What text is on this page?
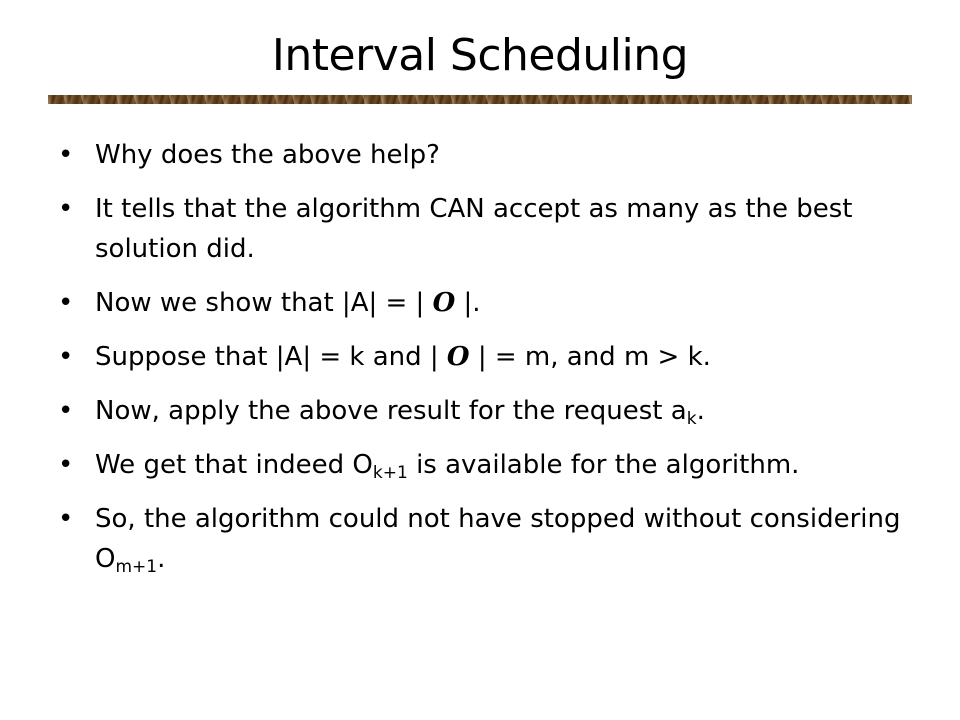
Interval Scheduling
• Why does the above help?
• It tells that the algorithm CAN accept as many as the best solution did.
• Now we show that |A| = | O |.
• Suppose that |A| = k and | O | = m, and m > k.
• Now, apply the above result for the request $a_k$.
• We get that indeed $O_{k+1}$ is available for the algorithm.
• So, the algorithm could not have stopped without considering $O_{m+1}$.
